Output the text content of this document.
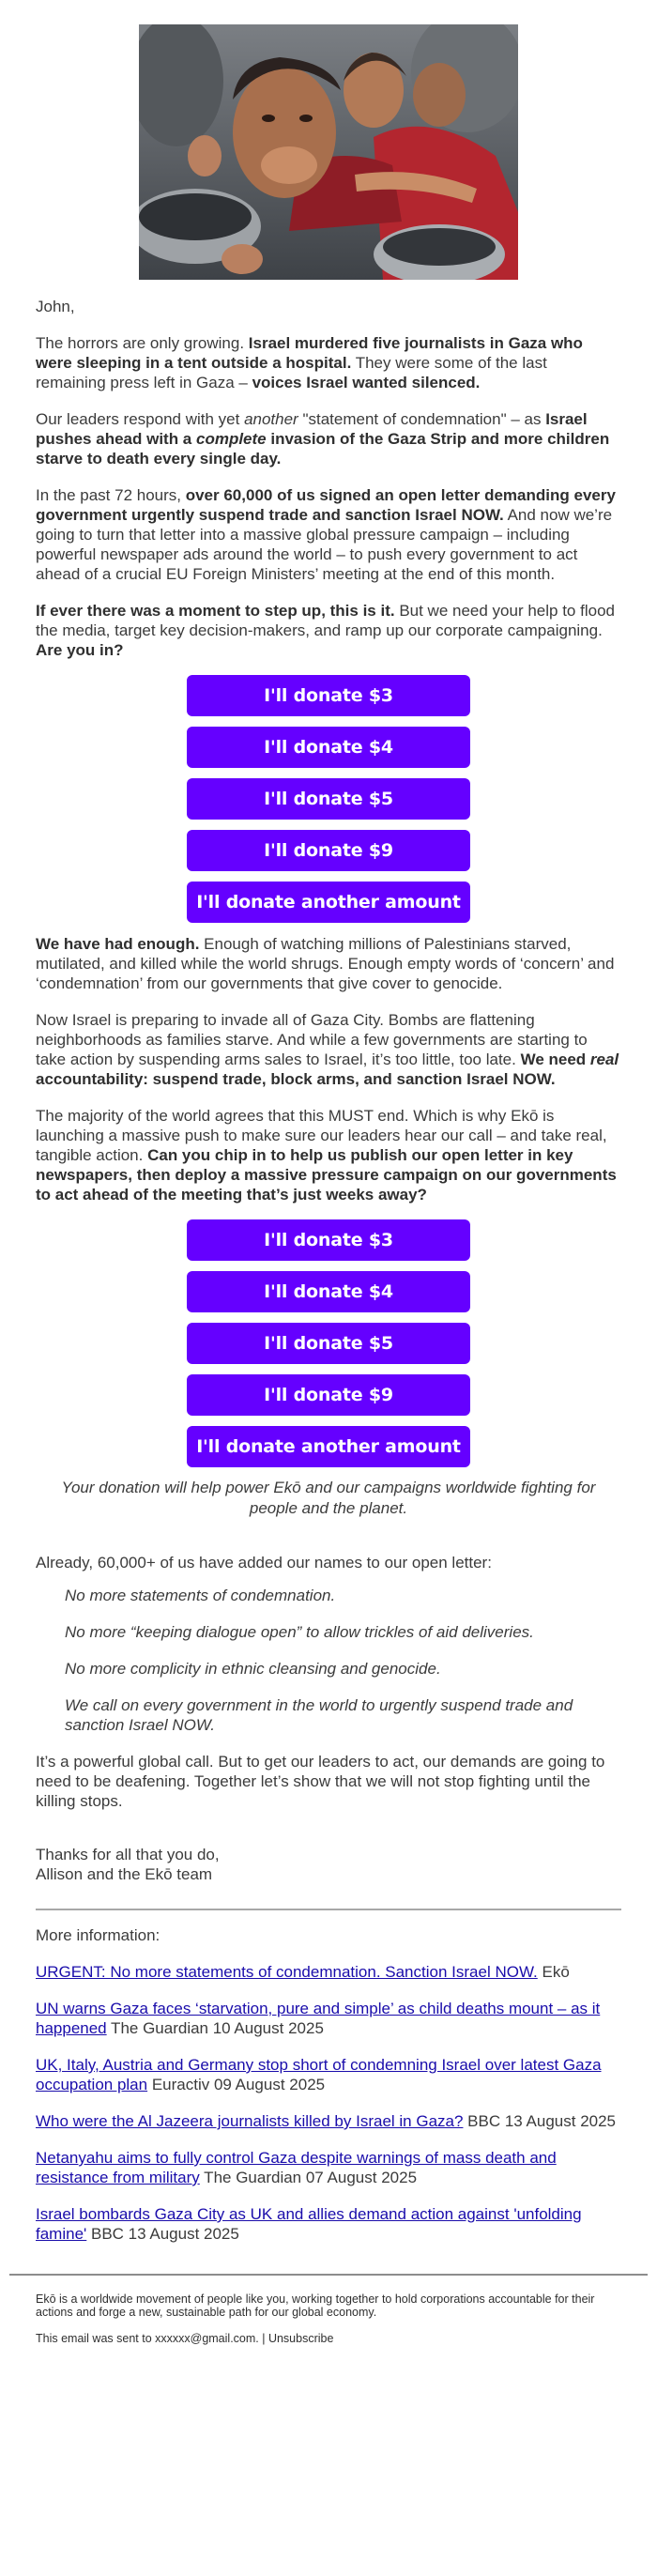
John,

The horrors are only growing. Israel murdered five journalists in Gaza who were sleeping in a tent outside a hospital. They were some of the last remaining press left in Gaza – voices Israel wanted silenced.

Our leaders respond with yet another "statement of condemnation" – as Israel pushes ahead with a complete invasion of the Gaza Strip and more children starve to death every single day.

In the past 72 hours, over 60,000 of us signed an open letter demanding every government urgently suspend trade and sanction Israel NOW. And now we’re going to turn that letter into a massive global pressure campaign – including powerful newspaper ads around the world – to push every government to act ahead of a crucial EU Foreign Ministers’ meeting at the end of this month.

If ever there was a moment to step up, this is it. But we need your help to flood the media, target key decision-makers, and ramp up our corporate campaigning. Are you in?

I'll donate $3
I'll donate $4
I'll donate $5
I'll donate $9
I'll donate another amount

We have had enough. Enough of watching millions of Palestinians starved, mutilated, and killed while the world shrugs. Enough empty words of ‘concern’ and ‘condemnation’ from our governments that give cover to genocide.

Now Israel is preparing to invade all of Gaza City. Bombs are flattening neighborhoods as families starve. And while a few governments are starting to take action by suspending arms sales to Israel, it’s too little, too late. We need real accountability: suspend trade, block arms, and sanction Israel NOW.

The majority of the world agrees that this MUST end. Which is why Ekō is launching a massive push to make sure our leaders hear our call – and take real, tangible action. Can you chip in to help us publish our open letter in key newspapers, then deploy a massive pressure campaign on our governments to act ahead of the meeting that’s just weeks away?

I'll donate $3
I'll donate $4
I'll donate $5
I'll donate $9
I'll donate another amount

Your donation will help power Ekō and our campaigns worldwide fighting for people and the planet.

Already, 60,000+ of us have added our names to our open letter:

No more statements of condemnation.

No more “keeping dialogue open” to allow trickles of aid deliveries.

No more complicity in ethnic cleansing and genocide.

We call on every government in the world to urgently suspend trade and sanction Israel NOW.

It’s a powerful global call. But to get our leaders to act, our demands are going to need to be deafening. Together let’s show that we will not stop fighting until the killing stops.

Thanks for all that you do,

Allison and the Ekō team

More information:

URGENT: No more statements of condemnation. Sanction Israel NOW. Ekō

UN warns Gaza faces ‘starvation, pure and simple’ as child deaths mount – as it happened The Guardian 10 August 2025

UK, Italy, Austria and Germany stop short of condemning Israel over latest Gaza occupation plan Euractiv 09 August 2025

Who were the Al Jazeera journalists killed by Israel in Gaza? BBC 13 August 2025

Netanyahu aims to fully control Gaza despite warnings of mass death and resistance from military The Guardian 07 August 2025

Israel bombards Gaza City as UK and allies demand action against 'unfolding famine' BBC 13 August 2025

Ekō is a worldwide movement of people like you, working together to hold corporations accountable for their actions and forge a new, sustainable path for our global economy.

This email was sent to xxxxxx@gmail.com. | Unsubscribe
